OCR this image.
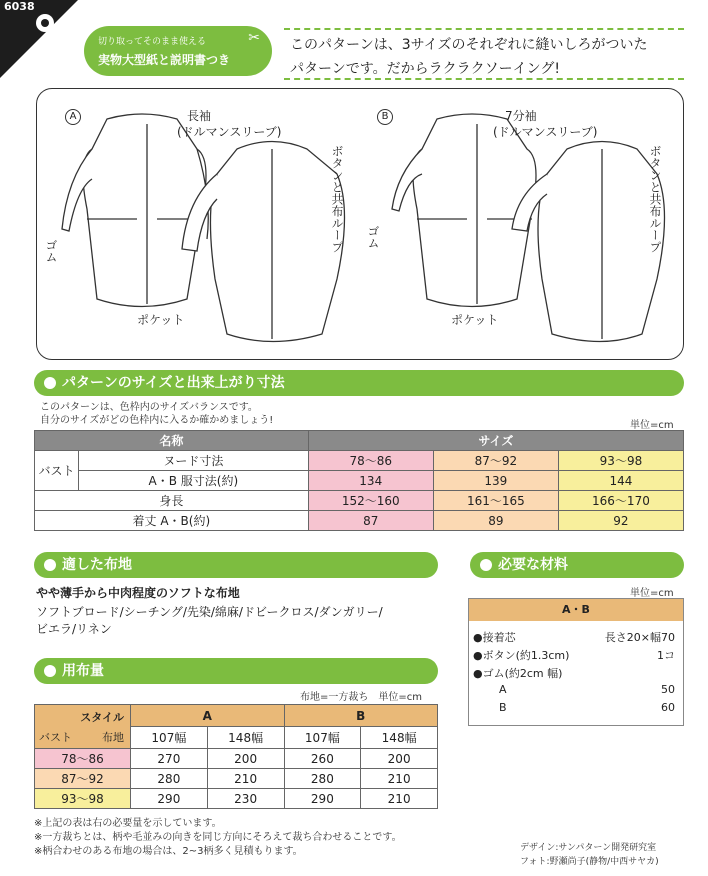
6038
切り取ってそのまま使える
実物大型紙と説明書つき
✂ このパターンは、3サイズのそれぞれに縫いしろがついた
パターンです。だからラクラクソーイング!
A	B
長袖
(ドルマンスリーブ)
7分袖
(ドルマンスリーブ)
ボタンと共布ループ	ボタンと共布ループ
ゴム
ゴム
ポケット	ポケット
パターンのサイズと出来上がり寸法
このパターンは、色枠内のサイズバランスです。
自分のサイズがどの色枠内に入るか確かめましょう!	単位=cm
名称		サイズ		
バスト	ヌード寸法	78〜86	87〜92	93〜98
	A・B 服寸法(約)	134	139	144
身長		152〜160	161〜165	166〜170
着丈 A・B(約)		87	89	92
適した布地
やや薄手から中肉程度のソフトな布地
ソフトブロード/シーチング/先染/綿麻/ドビークロス/ダンガリー/
ビエラ/リネン
必要な材料
単位=cm
A・B
●接着芯	長さ20×幅70
●ボタン(約1.3cm)	1コ
●ゴム(約2cm 幅)
A	50
B	60
用布量
布地=一方裁ち　単位=cm
スタイル
布地
バスト	A		B	
	107幅	148幅	107幅	148幅
78〜86	270	200	260	200
87〜92	280	210	280	210
93〜98	290	230	290	210
※上記の表は右の必要量を示しています。
※一方裁ちとは、柄や毛並みの向きを同じ方向にそろえて裁ち合わせることです。
※柄合わせのある布地の場合は、2~3柄多く見積もります。	デザイン:サンパターン開発研究室
フォト:野瀬尚子(静物/中西サヤカ)
